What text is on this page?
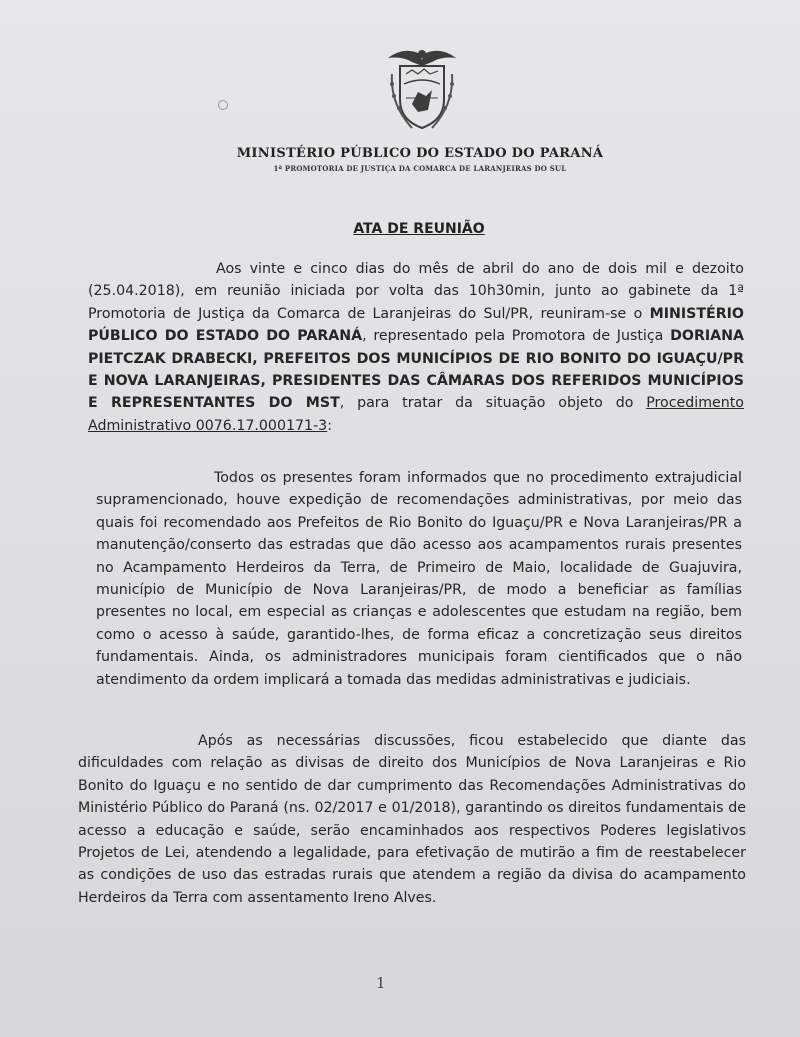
MINISTÉRIO PÚBLICO DO ESTADO DO PARANÁ
1ª PROMOTORIA DE JUSTIÇA DA COMARCA DE LARANJEIRAS DO SUL
ATA DE REUNIÃO
Aos vinte e cinco dias do mês de abril do ano de dois mil e dezoito (25.04.2018), em reunião iniciada por volta das 10h30min, junto ao gabinete da 1ª Promotoria de Justiça da Comarca de Laranjeiras do Sul/PR, reuniram-se o MINISTÉRIO PÚBLICO DO ESTADO DO PARANÁ, representado pela Promotora de Justiça DORIANA PIETCZAK DRABECKI, PREFEITOS DOS MUNICÍPIOS DE RIO BONITO DO IGUAÇU/PR E NOVA LARANJEIRAS, PRESIDENTES DAS CÂMARAS DOS REFERIDOS MUNICÍPIOS E REPRESENTANTES DO MST, para tratar da situação objeto do Procedimento Administrativo 0076.17.000171-3:
Todos os presentes foram informados que no procedimento extrajudicial supramencionado, houve expedição de recomendações administrativas, por meio das quais foi recomendado aos Prefeitos de Rio Bonito do Iguaçu/PR e Nova Laranjeiras/PR a manutenção/conserto das estradas que dão acesso aos acampamentos rurais presentes no Acampamento Herdeiros da Terra, de Primeiro de Maio, localidade de Guajuvira, município de Município de Nova Laranjeiras/PR, de modo a beneficiar as famílias presentes no local, em especial as crianças e adolescentes que estudam na região, bem como o acesso à saúde, garantido-lhes, de forma eficaz a concretização seus direitos fundamentais. Ainda, os administradores municipais foram cientificados que o não atendimento da ordem implicará a tomada das medidas administrativas e judiciais.
Após as necessárias discussões, ficou estabelecido que diante das dificuldades com relação as divisas de direito dos Municípios de Nova Laranjeiras e Rio Bonito do Iguaçu e no sentido de dar cumprimento das Recomendações Administrativas do Ministério Público do Paraná (ns. 02/2017 e 01/2018), garantindo os direitos fundamentais de acesso a educação e saúde, serão encaminhados aos respectivos Poderes legislativos Projetos de Lei, atendendo a legalidade, para efetivação de mutirão a fim de reestabelecer as condições de uso das estradas rurais que atendem a região da divisa do acampamento Herdeiros da Terra com assentamento Ireno Alves.
1
